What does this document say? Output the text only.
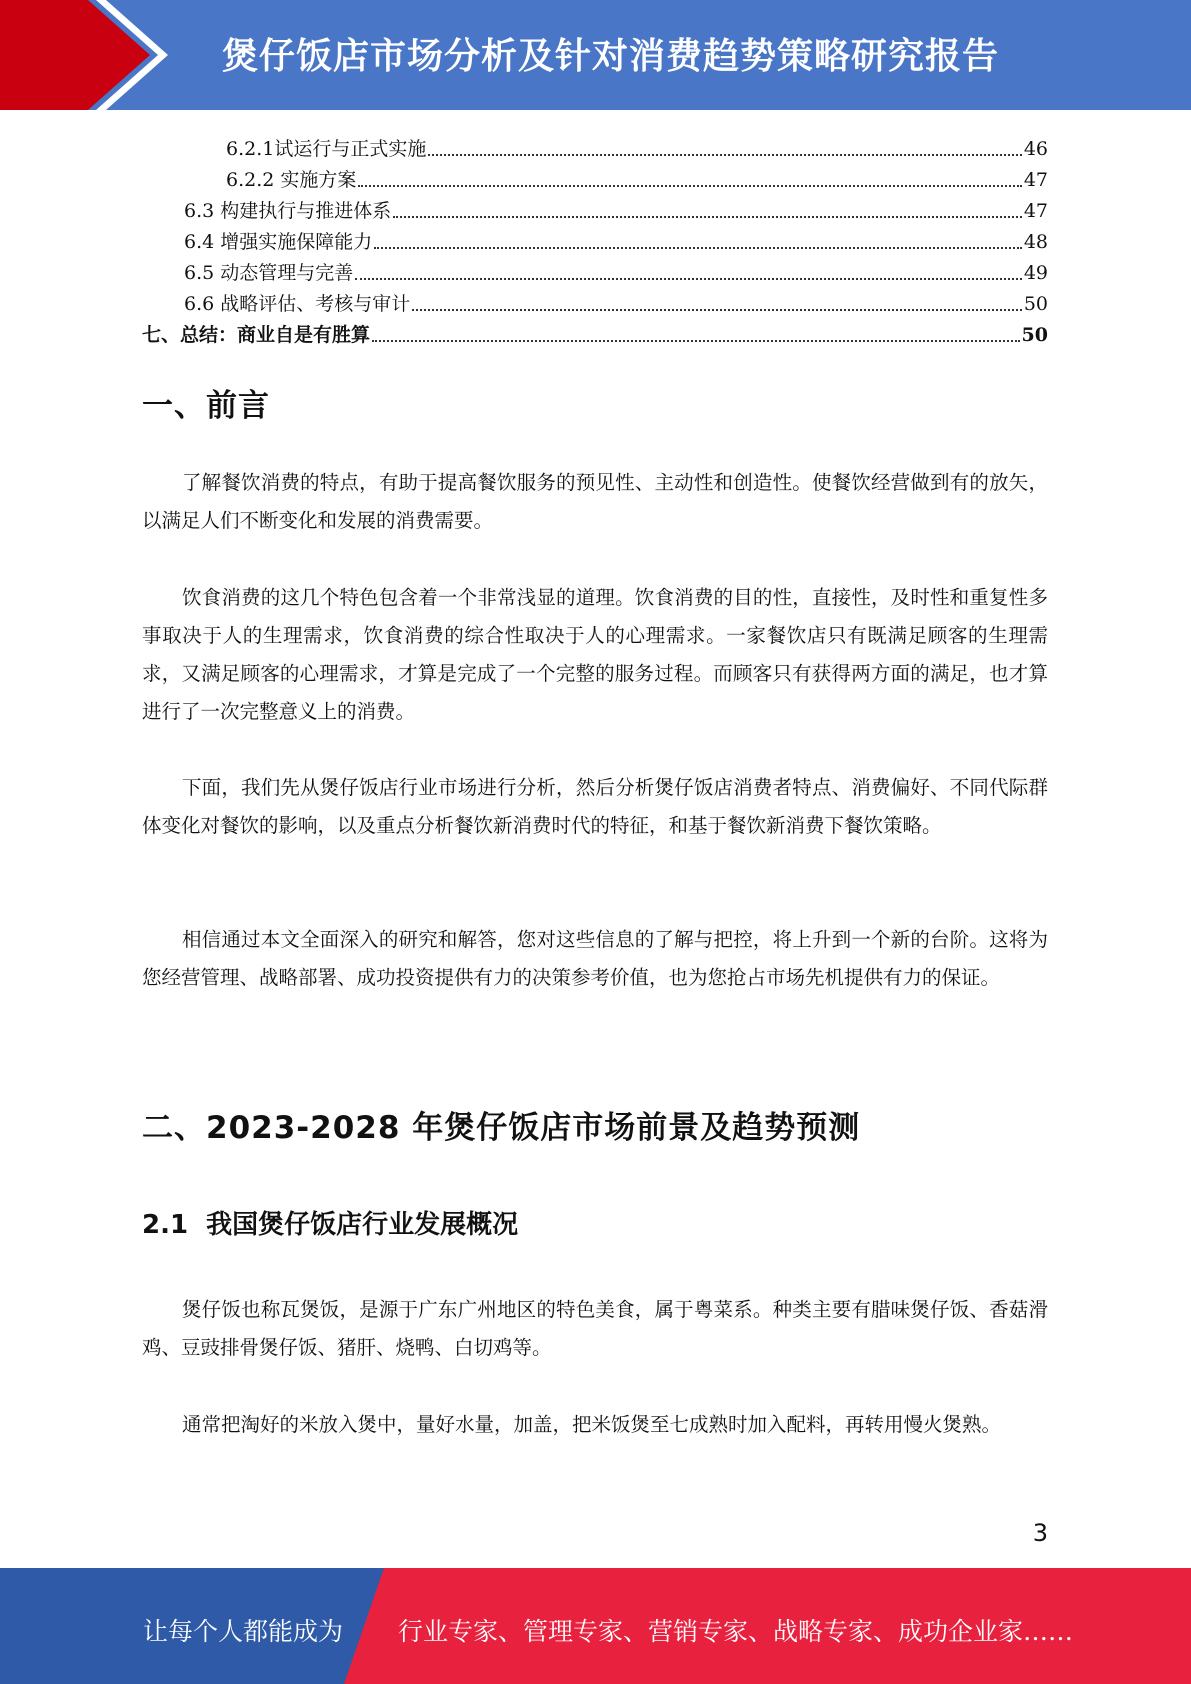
煲仔饭店市场分析及针对消费趋势策略研究报告
6.2.1 试运行与正式实施	46
6.2.2 实施方案	47
6.3 构建执行与推进体系	47
6.4 增强实施保障能力	48
6.5 动态管理与完善	49
6.6 战略评估、考核与审计	50
七、 总结：商业自是有胜算	50
一、前言

了解餐饮消费的特点，有助于提高餐饮服务的预见性、主动性和创造性。使餐饮经营做到有的放矢，以满足人们不断变化和发展的消费需要。

饮食消费的这几个特色包含着一个非常浅显的道理。饮食消费的目的性，直接性，及时性和重复性多事取决于人的生理需求，饮食消费的综合性取决于人的心理需求。一家餐饮店只有既满足顾客的生理需求，又满足顾客的心理需求，才算是完成了一个完整的服务过程。而顾客只有获得两方面的满足，也才算进行了一次完整意义上的消费。

下面，我们先从煲仔饭店行业市场进行分析，然后分析煲仔饭店消费者特点、消费偏好、不同代际群体变化对餐饮的影响，以及重点分析餐饮新消费时代的特征，和基于餐饮新消费下餐饮策略。

相信通过本文全面深入的研究和解答，您对这些信息的了解与把控，将上升到一个新的台阶。这将为您经营管理、战略部署、成功投资提供有力的决策参考价值，也为您抢占市场先机提供有力的保证。

二、2023-2028 年煲仔饭店市场前景及趋势预测
2.1  我国煲仔饭店行业发展概况

煲仔饭也称瓦煲饭，是源于广东广州地区的特色美食，属于粤菜系。种类主要有腊味煲仔饭、香菇滑鸡、豆豉排骨煲仔饭、猪肝、烧鸭、白切鸡等。

通常把淘好的米放入煲中，量好水量，加盖，把米饭煲至七成熟时加入配料，再转用慢火煲熟。

3
让每个人都能成为 行业专家、管理专家、营销专家、战略专家、成功企业家……
